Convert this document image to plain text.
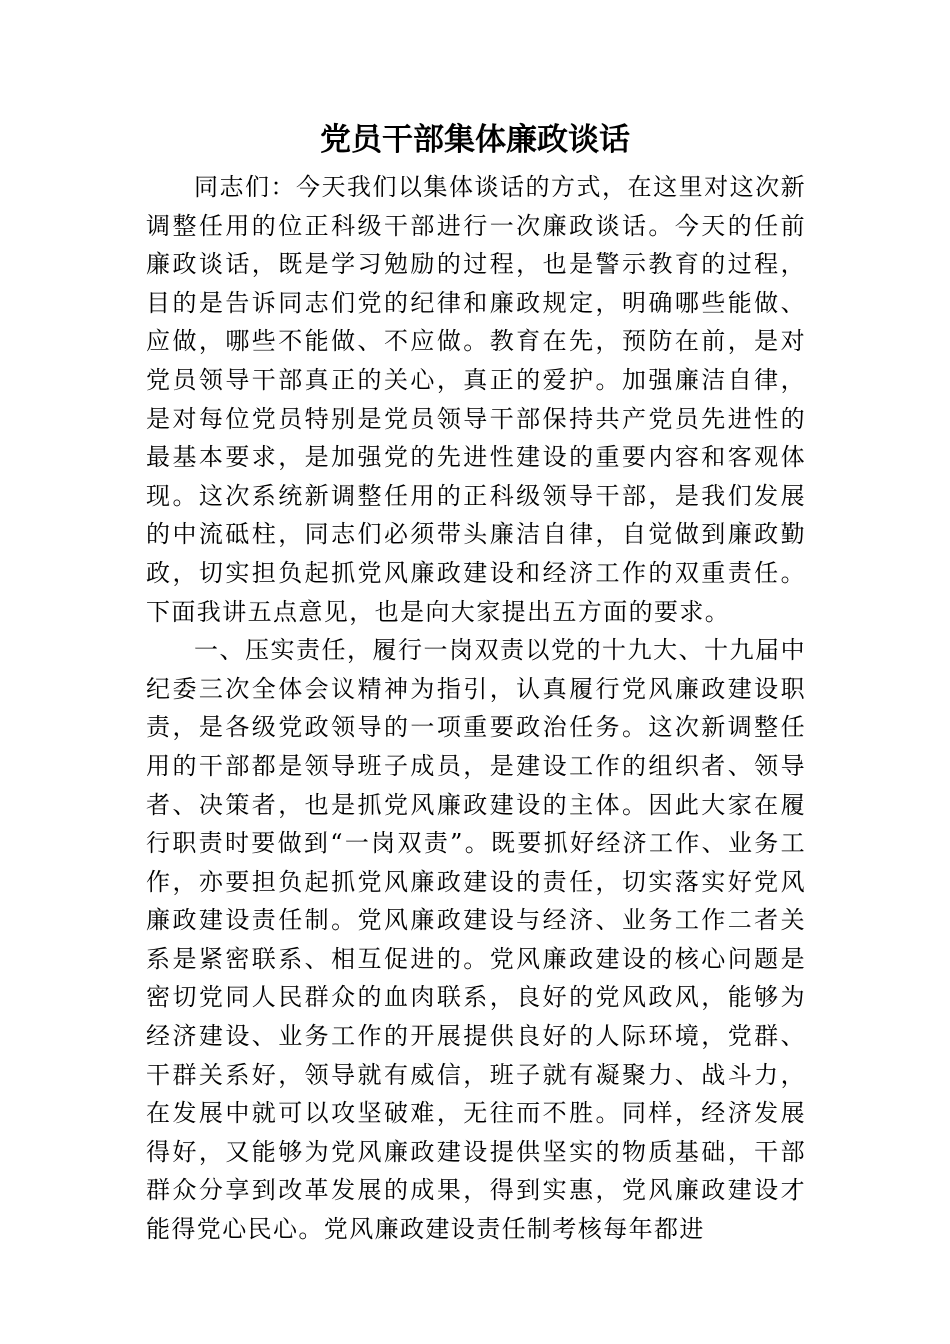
党员干部集体廉政谈话

同志们：今天我们以集体谈话的方式，在这里对这次新调整任用的位正科级干部进行一次廉政谈话。今天的任前廉政谈话，既是学习勉励的过程，也是警示教育的过程，目的是告诉同志们党的纪律和廉政规定，明确哪些能做、应做，哪些不能做、不应做。教育在先，预防在前，是对党员领导干部真正的关心，真正的爱护。加强廉洁自律，是对每位党员特别是党员领导干部保持共产党员先进性的最基本要求，是加强党的先进性建设的重要内容和客观体现。这次系统新调整任用的正科级领导干部，是我们发展的中流砥柱，同志们必须带头廉洁自律，自觉做到廉政勤政，切实担负起抓党风廉政建设和经济工作的双重责任。下面我讲五点意见，也是向大家提出五方面的要求。

一、压实责任，履行一岗双责以党的十九大、十九届中纪委三次全体会议精神为指引，认真履行党风廉政建设职责，是各级党政领导的一项重要政治任务。这次新调整任用的干部都是领导班子成员，是建设工作的组织者、领导者、决策者，也是抓党风廉政建设的主体。因此大家在履行职责时要做到“一岗双责”。既要抓好经济工作、业务工作，亦要担负起抓党风廉政建设的责任，切实落实好党风廉政建设责任制。党风廉政建设与经济、业务工作二者关系是紧密联系、相互促进的。党风廉政建设的核心问题是密切党同人民群众的血肉联系，良好的党风政风，能够为经济建设、业务工作的开展提供良好的人际环境，党群、干群关系好，领导就有威信，班子就有凝聚力、战斗力，在发展中就可以攻坚破难，无往而不胜。同样，经济发展得好，又能够为党风廉政建设提供坚实的物质基础，干部群众分享到改革发展的成果，得到实惠，党风廉政建设才能得党心民心。党风廉政建设责任制考核每年都进
